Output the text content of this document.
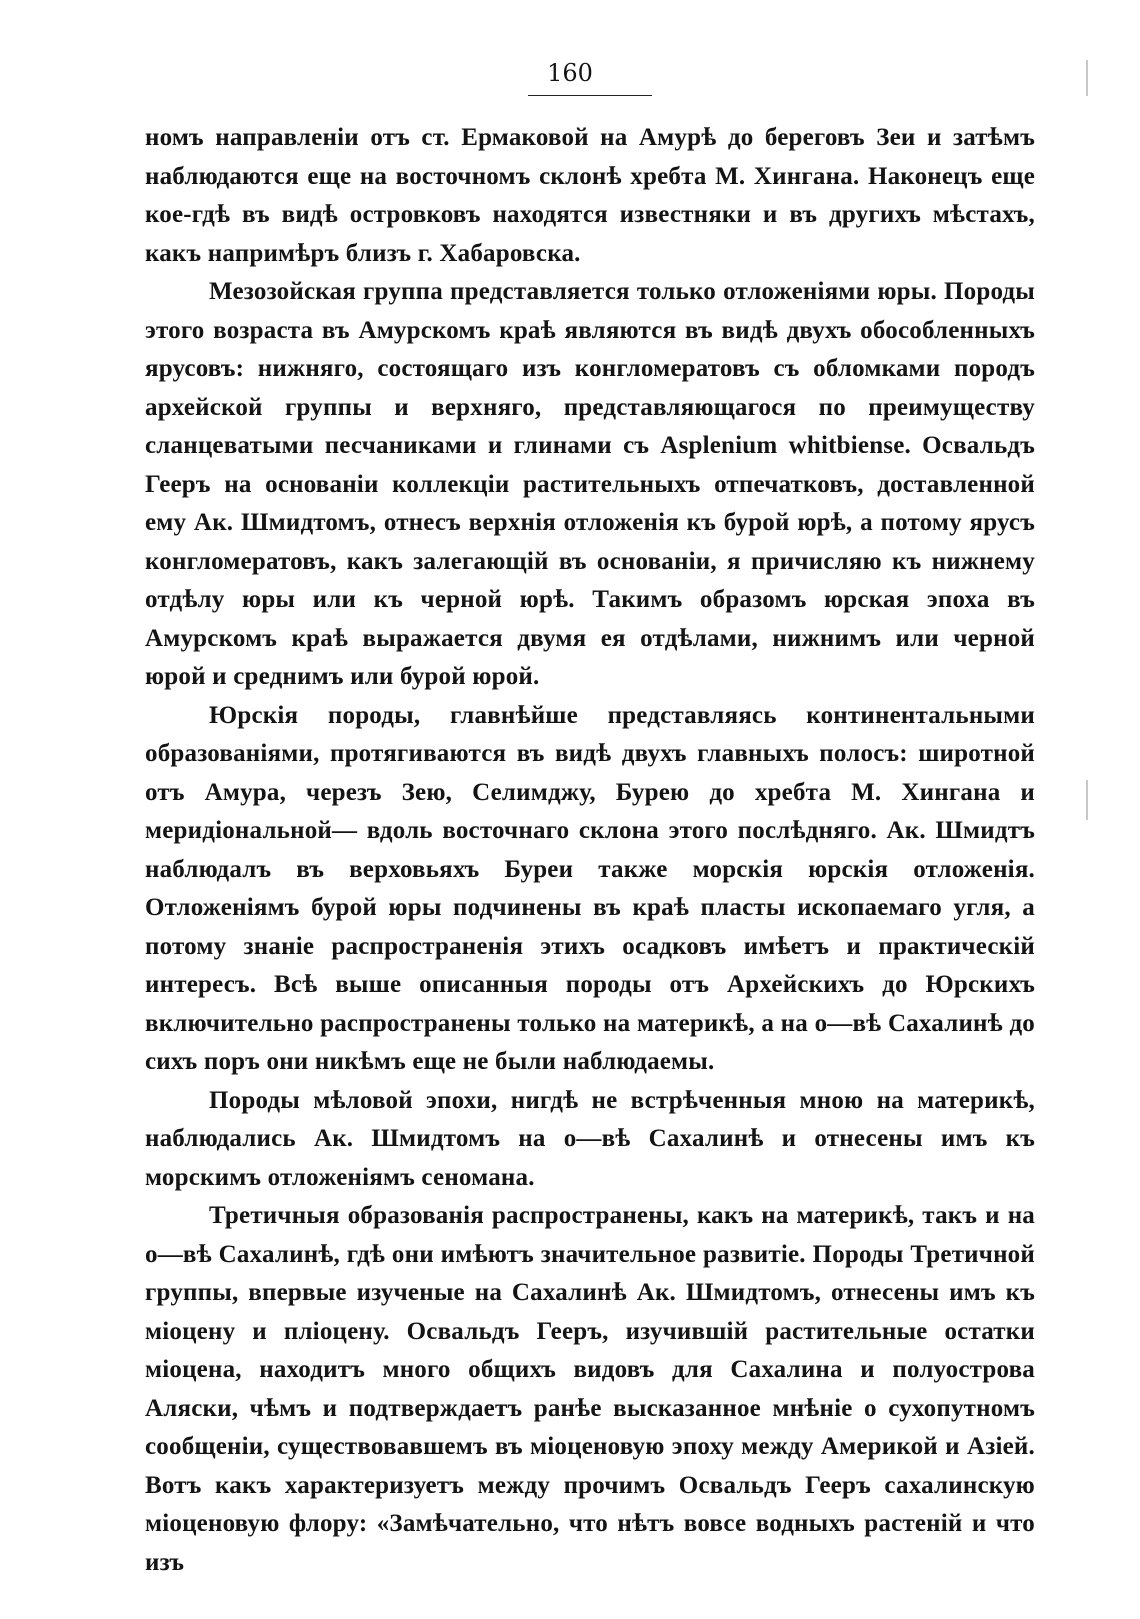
160

номъ направленiи отъ ст. Ермаковой на Амурѣ до береговъ Зеи и затѣмъ наблюдаются еще на восточномъ склонѣ хребта М. Хингана. Наконецъ еще кое-гдѣ въ видѣ островковъ находятся известняки и въ другихъ мѣстахъ, какъ напримѣръ близъ г. Хабаровска.

Мезозойская группа представляется только отложенiями юры. Породы этого возраста въ Амурскомъ краѣ являются въ видѣ двухъ обособленныхъ ярусовъ: нижняго, состоящаго изъ конгломератовъ съ обломками породъ архейской группы и верхняго, представляющагося по преимуществу сланцеватыми песчаниками и глинами съ Asplenium whitbiense. Освальдъ Гееръ на основанiи коллекцiи растительныхъ отпечатковъ, доставленной ему Ак. Шмидтомъ, отнесъ верхнiя отложенiя къ бурой юрѣ, а потому ярусъ конгломератовъ, какъ залегающiй въ основанiи, я причисляю къ нижнему отдѣлу юры или къ черной юрѣ. Такимъ образомъ юрская эпоха въ Амурскомъ краѣ выражается двумя ея отдѣлами, нижнимъ или черной юрой и среднимъ или бурой юрой.

Юрскiя породы, главнѣйше представляясь континентальными образованiями, протягиваются въ видѣ двухъ главныхъ полосъ: широтной отъ Амура, черезъ Зею, Селимджу, Бурею до хребта М. Хингана и меридiональной— вдоль восточнаго склона этого послѣдняго. Ак. Шмидтъ наблюдалъ въ верховьяхъ Буреи также морскiя юрскiя отложенiя. Отложенiямъ бурой юры подчинены въ краѣ пласты ископаемаго угля, а потому знанiе распространенiя этихъ осадковъ имѣетъ и практическiй интересъ. Всѣ выше описанныя породы отъ Архейскихъ до Юрскихъ включительно распространены только на материкѣ, а на о—вѣ Сахалинѣ до сихъ поръ они никѣмъ еще не были наблюдаемы.

Породы мѣловой эпохи, нигдѣ не встрѣченныя мною на материкѣ, наблюдались Ак. Шмидтомъ на о—вѣ Сахалинѣ и отнесены имъ къ морскимъ отложенiямъ сеномана.

Третичныя образованiя распространены, какъ на материкѣ, такъ и на о—вѣ Сахалинѣ, гдѣ они имѣютъ значительное развитiе. Породы Третичной группы, впервые изученые на Сахалинѣ Ак. Шмидтомъ, отнесены имъ къ мiоцену и плiоцену. Освальдъ Гееръ, изучившiй растительные остатки мiоцена, находитъ много общихъ видовъ для Сахалина и полуострова Аляски, чѣмъ и подтверждаетъ ранѣе высказанное мнѣнiе о сухопутномъ сообщенiи, существовавшемъ въ мiоценовую эпоху между Америкой и Азiей. Вотъ какъ характеризуетъ между прочимъ Освальдъ Гееръ сахалинскую мiоценовую флору: «Замѣчательно, что нѣтъ вовсе водныхъ растенiй и что изъ
